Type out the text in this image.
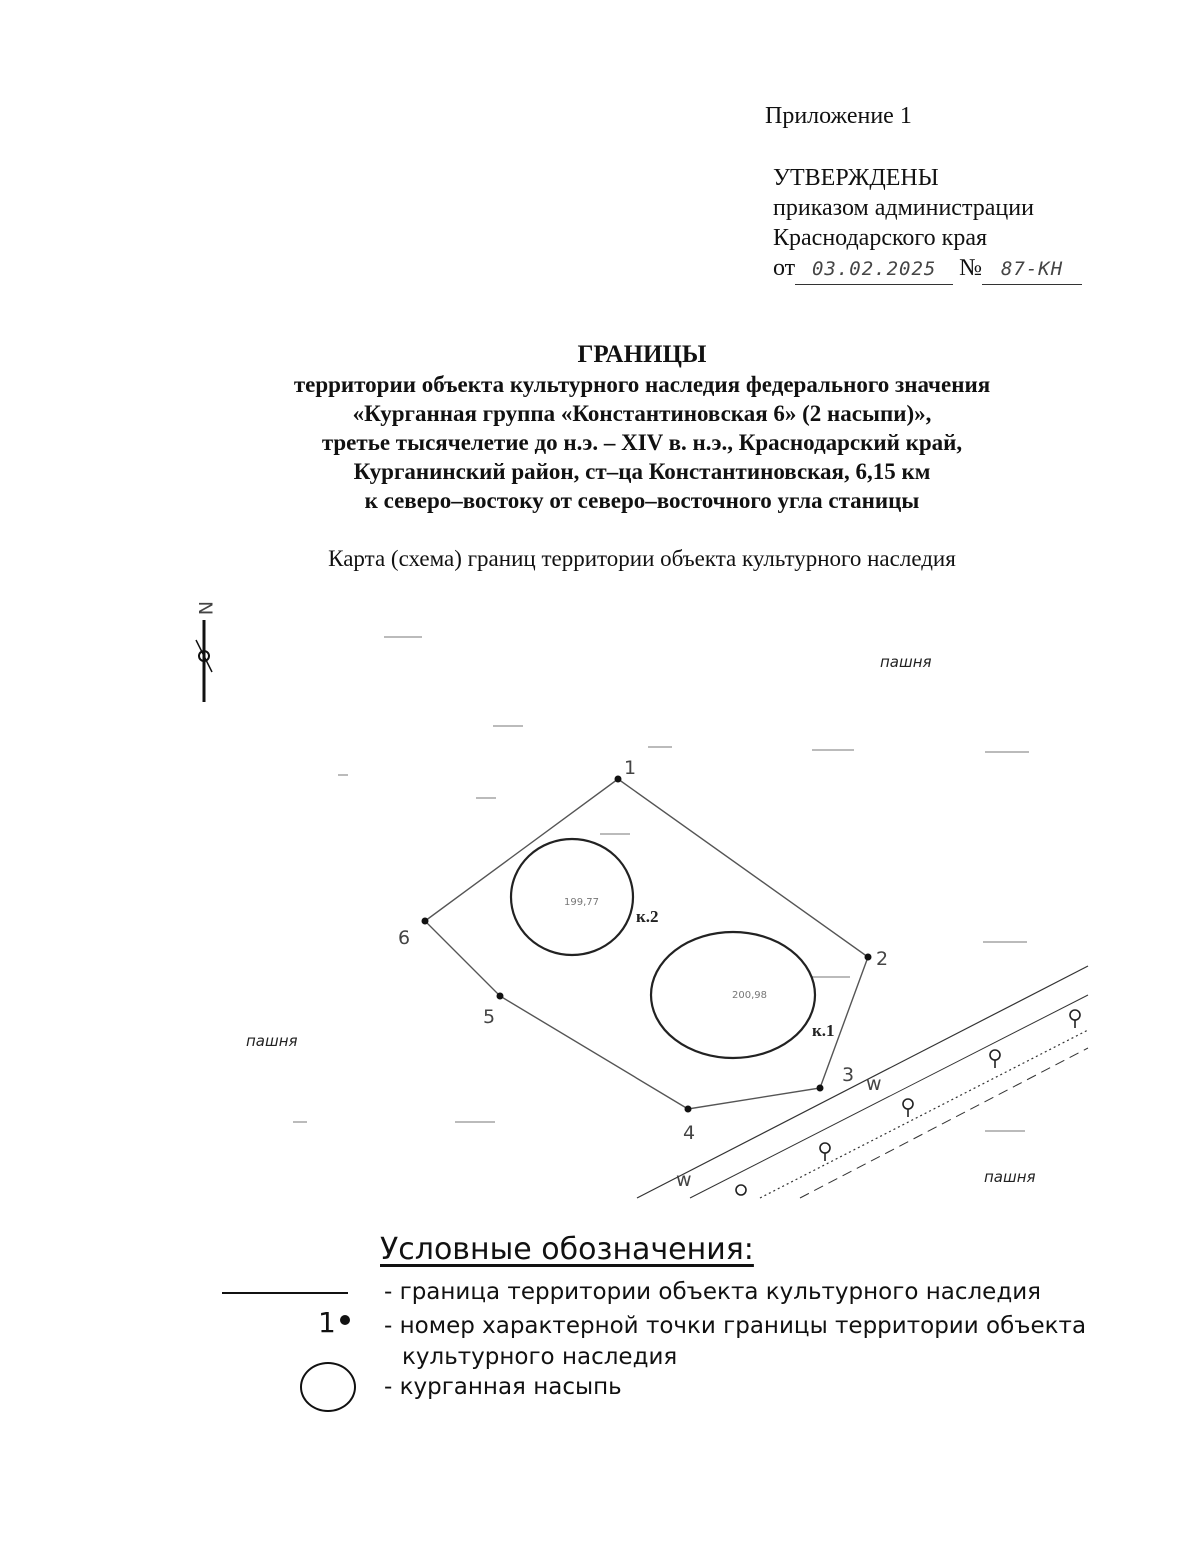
Приложение 1
УТВЕРЖДЕНЫ
приказом администрации
Краснодарского края
от 03.02.2025 № 87-КН
ГРАНИЦЫ
территории объекта культурного наследия федерального значения
«Курганная группа «Константиновская 6» (2 насыпи)»,
третье тысячелетие до н.э. – XIV в. н.э., Краснодарский край,
Курганинский район, ст–ца Константиновская, 6,15 км
к северо–востоку от северо–восточного угла станицы
Карта (схема) границ территории объекта культурного наследия
N
пашня
пашня
пашня
w
w
1
2
3
4
5
6
199,77
200,98
к.2
к.1
Условные обозначения:
- граница территории объекта культурного наследия
1	- номер характерной точки границы территории объекта
культурного наследия
- курганная насыпь
